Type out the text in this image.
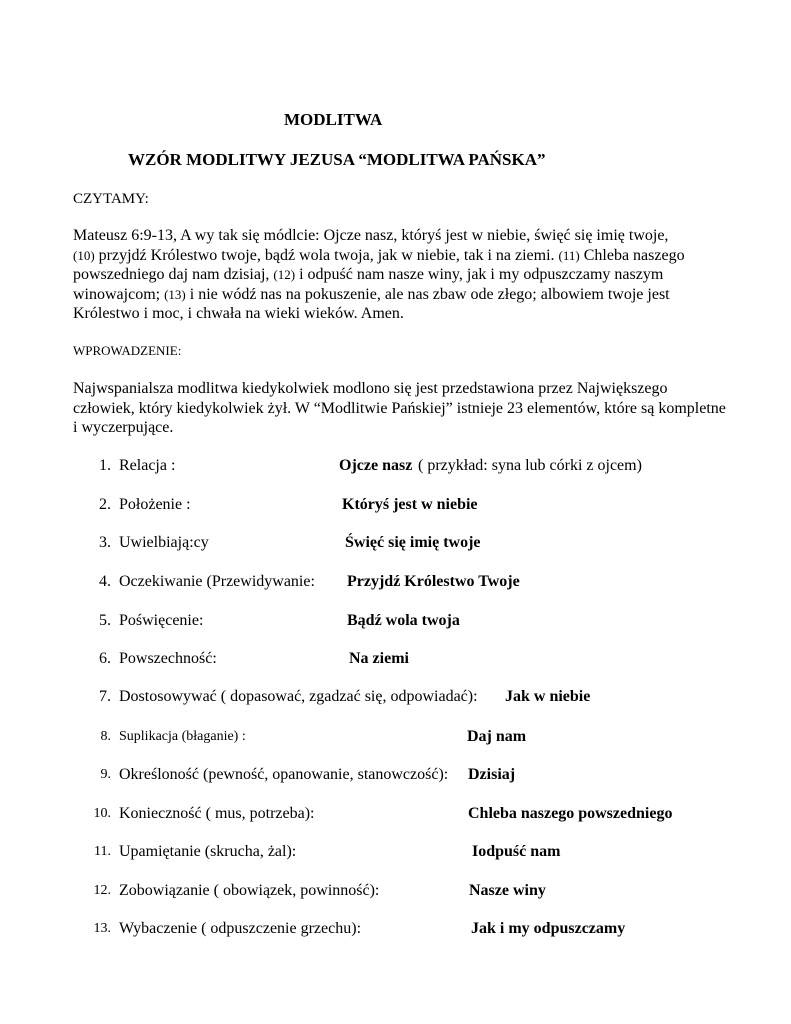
MODLITWA
WZÓR MODLITWY JEZUSA “MODLITWA PAŃSKA”
CZYTAMY:
Mateusz 6:9-13, A wy tak się módlcie: Ojcze nasz, któryś jest w niebie, święć się imię twoje,
(10) przyjdź Królestwo twoje, bądź wola twoja, jak w niebie, tak i na ziemi. (11) Chleba naszego powszedniego daj nam dzisiaj, (12) i odpuść nam nasze winy, jak i my odpuszczamy naszym winowajcom; (13) i nie wódź nas na pokuszenie, ale nas zbaw ode złego; albowiem twoje jest Królestwo i moc, i chwała na wieki wieków. Amen.
WPROWADZENIE:
Najwspanialsza modlitwa kiedykolwiek modlono się jest przedstawiona przez Największego człowiek, który kiedykolwiek żył. W “Modlitwie Pańskiej” istnieje 23 elementów, które są kompletne i wyczerpujące.
1. Relacja :	Ojcze nasz ( przykład: syna lub córki z ojcem)
2. Położenie :	Któryś jest w niebie
3. Uwielbiają:cy	Święć się imię twoje
4. Oczekiwanie (Przewidywanie: Przyjdź Królestwo Twoje
5. Poświęcenie:	Bądź wola twoja
6. Powszechność:	Na ziemi
7. Dostosowywać ( dopasować, zgadzać się, odpowiadać): Jak w niebie
8. Suplikacja (błaganie) :	Daj nam
9. Określoność (pewność, opanowanie, stanowczość): Dzisiaj
10. Konieczność ( mus, potrzeba):	Chleba naszego powszedniego
11. Upamiętanie (skrucha, żal):	Iodpuść nam
12. Zobowiązanie ( obowiązek, powinność):	Nasze winy
13. Wybaczenie ( odpuszczenie grzechu):	Jak i my odpuszczamy
